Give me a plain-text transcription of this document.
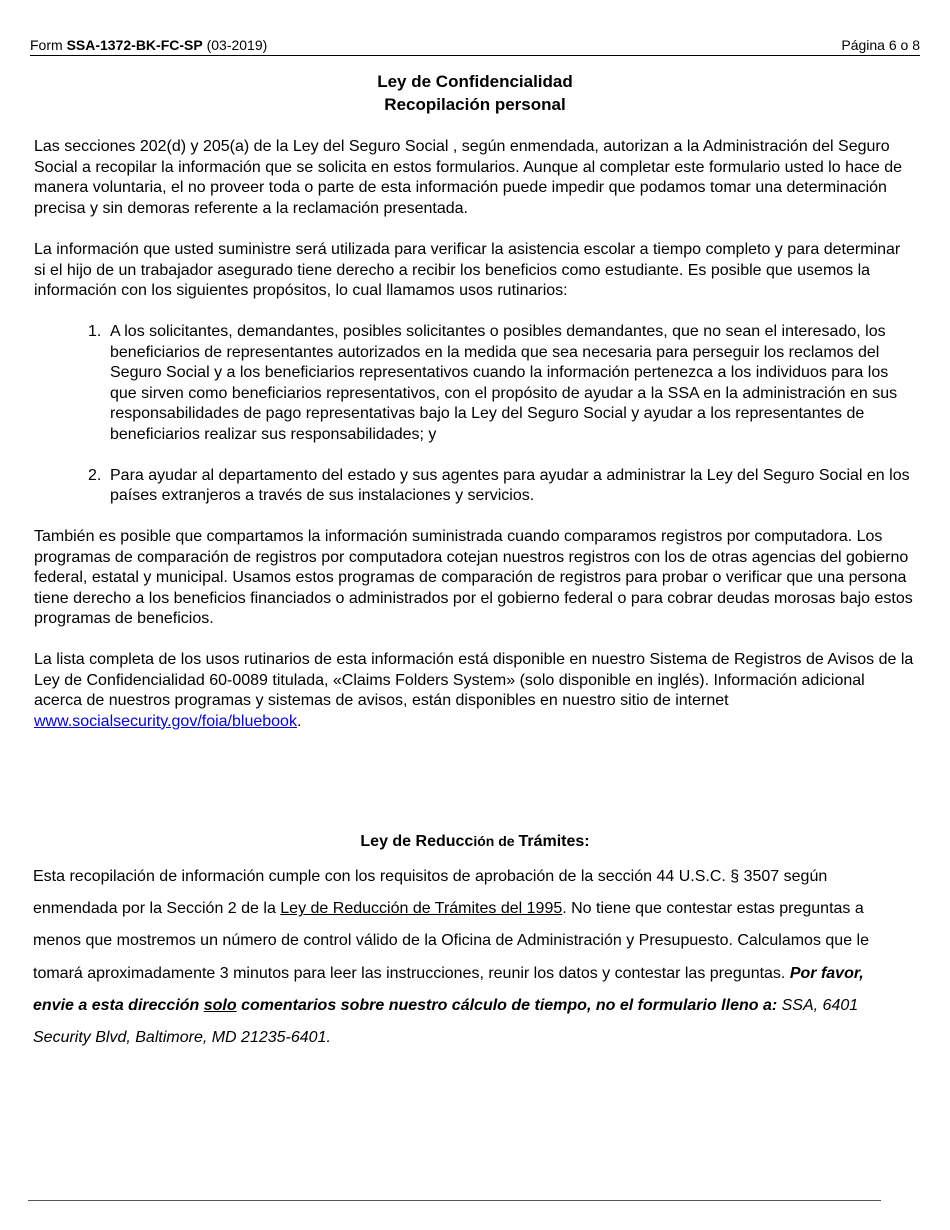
Form SSA-1372-BK-FC-SP (03-2019)	Página 6 o 8
Ley de Confidencialidad
Recopilación personal

Las secciones 202(d) y 205(a) de la Ley del Seguro Social , según enmendada, autorizan a la Administración del Seguro Social a recopilar la información que se solicita en estos formularios. Aunque al completar este formulario usted lo hace de manera voluntaria, el no proveer toda o parte de esta información puede impedir que podamos tomar una determinación precisa y sin demoras referente a la reclamación presentada.

La información que usted suministre será utilizada para verificar la asistencia escolar a tiempo completo y para determinar si el hijo de un trabajador asegurado tiene derecho a recibir los beneficios como estudiante. Es posible que usemos la información con los siguientes propósitos, lo cual llamamos usos rutinarios:

1. A los solicitantes, demandantes, posibles solicitantes o posibles demandantes, que no sean el interesado, los beneficiarios de representantes autorizados en la medida que sea necesaria para perseguir los reclamos del Seguro Social y a los beneficiarios representativos cuando la información pertenezca a los individuos para los que sirven como beneficiarios representativos, con el propósito de ayudar a la SSA en la administración en sus responsabilidades de pago representativas bajo la Ley del Seguro Social y ayudar a los representantes de beneficiarios realizar sus responsabilidades; y
2. Para ayudar al departamento del estado y sus agentes para ayudar a administrar la Ley del Seguro Social en los países extranjeros a través de sus instalaciones y servicios.

También es posible que compartamos la información suministrada cuando comparamos registros por computadora. Los programas de comparación de registros por computadora cotejan nuestros registros con los de otras agencias del gobierno federal, estatal y municipal. Usamos estos programas de comparación de registros para probar o verificar que una persona tiene derecho a los beneficios financiados o administrados por el gobierno federal o para cobrar deudas morosas bajo estos programas de beneficios.

La lista completa de los usos rutinarios de esta información está disponible en nuestro Sistema de Registros de Avisos de la Ley de Confidencialidad 60-0089 titulada, «Claims Folders System» (solo disponible en inglés). Información adicional acerca de nuestros programas y sistemas de avisos, están disponibles en nuestro sitio de internet www.socialsecurity.gov/foia/bluebook.

Ley de Reducción de Trámites:

Esta recopilación de información cumple con los requisitos de aprobación de la sección 44 U.S.C. § 3507 según enmendada por la Sección 2 de la Ley de Reducción de Trámites del 1995. No tiene que contestar estas preguntas a menos que mostremos un número de control válido de la Oficina de Administración y Presupuesto. Calculamos que le tomará aproximadamente 3 minutos para leer las instrucciones, reunir los datos y contestar las preguntas. Por favor, envie a esta dirección solo comentarios sobre nuestro cálculo de tiempo, no el formulario lleno a: SSA, 6401 Security Blvd, Baltimore, MD 21235-6401.
